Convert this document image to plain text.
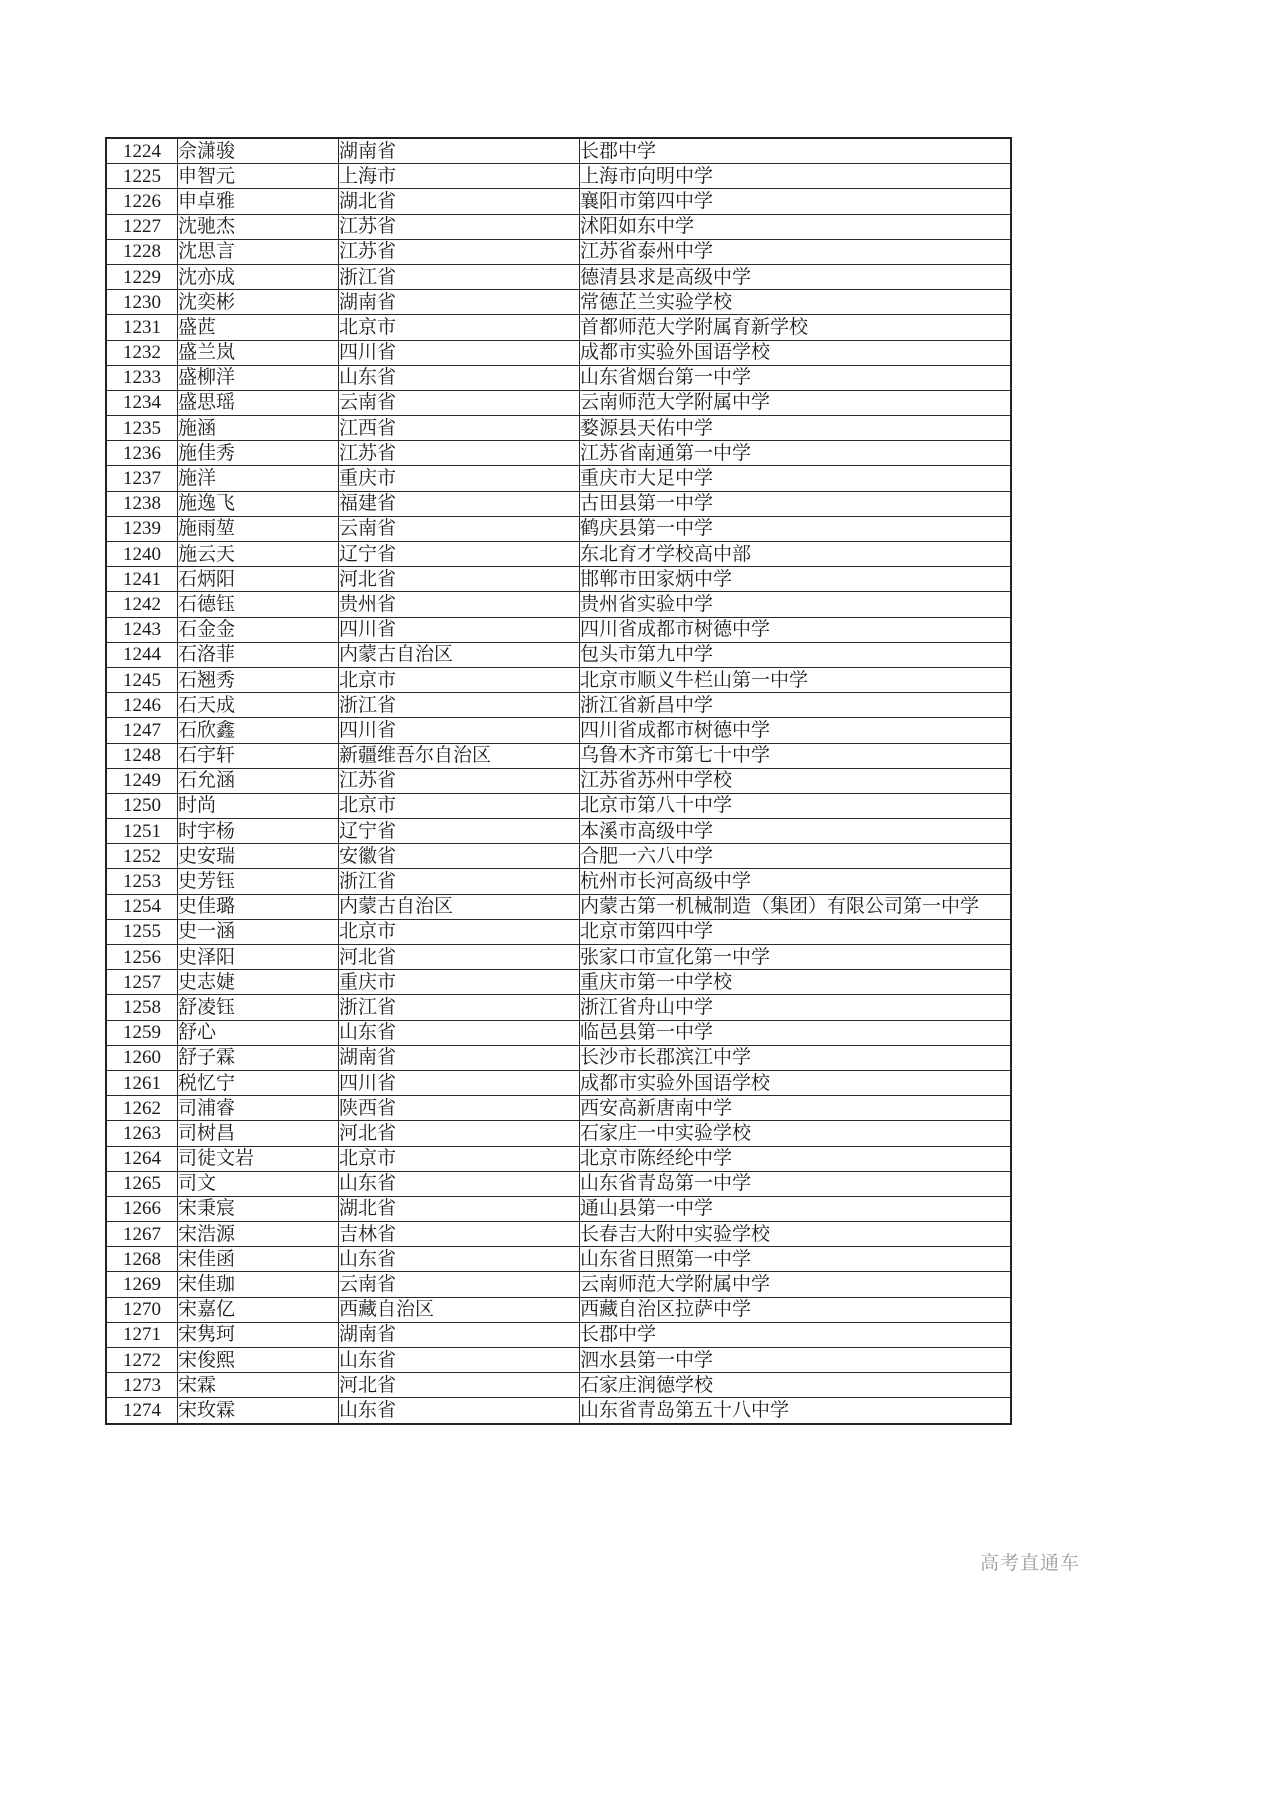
1224	佘潇骏	湖南省	长郡中学
1225	申智元	上海市	上海市向明中学
1226	申卓雅	湖北省	襄阳市第四中学
1227	沈驰杰	江苏省	沭阳如东中学
1228	沈思言	江苏省	江苏省泰州中学
1229	沈亦成	浙江省	德清县求是高级中学
1230	沈奕彬	湖南省	常德芷兰实验学校
1231	盛苉	北京市	首都师范大学附属育新学校
1232	盛兰岚	四川省	成都市实验外国语学校
1233	盛柳洋	山东省	山东省烟台第一中学
1234	盛思瑶	云南省	云南师范大学附属中学
1235	施涵	江西省	婺源县天佑中学
1236	施佳秀	江苏省	江苏省南通第一中学
1237	施洋	重庆市	重庆市大足中学
1238	施逸飞	福建省	古田县第一中学
1239	施雨堃	云南省	鹤庆县第一中学
1240	施云天	辽宁省	东北育才学校高中部
1241	石炳阳	河北省	邯郸市田家炳中学
1242	石德钰	贵州省	贵州省实验中学
1243	石金金	四川省	四川省成都市树德中学
1244	石洛菲	内蒙古自治区	包头市第九中学
1245	石翘秀	北京市	北京市顺义牛栏山第一中学
1246	石天成	浙江省	浙江省新昌中学
1247	石欣鑫	四川省	四川省成都市树德中学
1248	石宇轩	新疆维吾尔自治区	乌鲁木齐市第七十中学
1249	石允涵	江苏省	江苏省苏州中学校
1250	时尚	北京市	北京市第八十中学
1251	时宇杨	辽宁省	本溪市高级中学
1252	史安瑞	安徽省	合肥一六八中学
1253	史芳钰	浙江省	杭州市长河高级中学
1254	史佳璐	内蒙古自治区	内蒙古第一机械制造（集团）有限公司第一中学
1255	史一涵	北京市	北京市第四中学
1256	史泽阳	河北省	张家口市宣化第一中学
1257	史志婕	重庆市	重庆市第一中学校
1258	舒凌钰	浙江省	浙江省舟山中学
1259	舒心	山东省	临邑县第一中学
1260	舒子霖	湖南省	长沙市长郡滨江中学
1261	税忆宁	四川省	成都市实验外国语学校
1262	司浦睿	陕西省	西安高新唐南中学
1263	司树昌	河北省	石家庄一中实验学校
1264	司徒文岩	北京市	北京市陈经纶中学
1265	司文	山东省	山东省青岛第一中学
1266	宋秉宸	湖北省	通山县第一中学
1267	宋浩源	吉林省	长春吉大附中实验学校
1268	宋佳函	山东省	山东省日照第一中学
1269	宋佳珈	云南省	云南师范大学附属中学
1270	宋嘉亿	西藏自治区	西藏自治区拉萨中学
1271	宋隽珂	湖南省	长郡中学
1272	宋俊熙	山东省	泗水县第一中学
1273	宋霖	河北省	石家庄润德学校
1274	宋玫霖	山东省	山东省青岛第五十八中学
高考直通车
